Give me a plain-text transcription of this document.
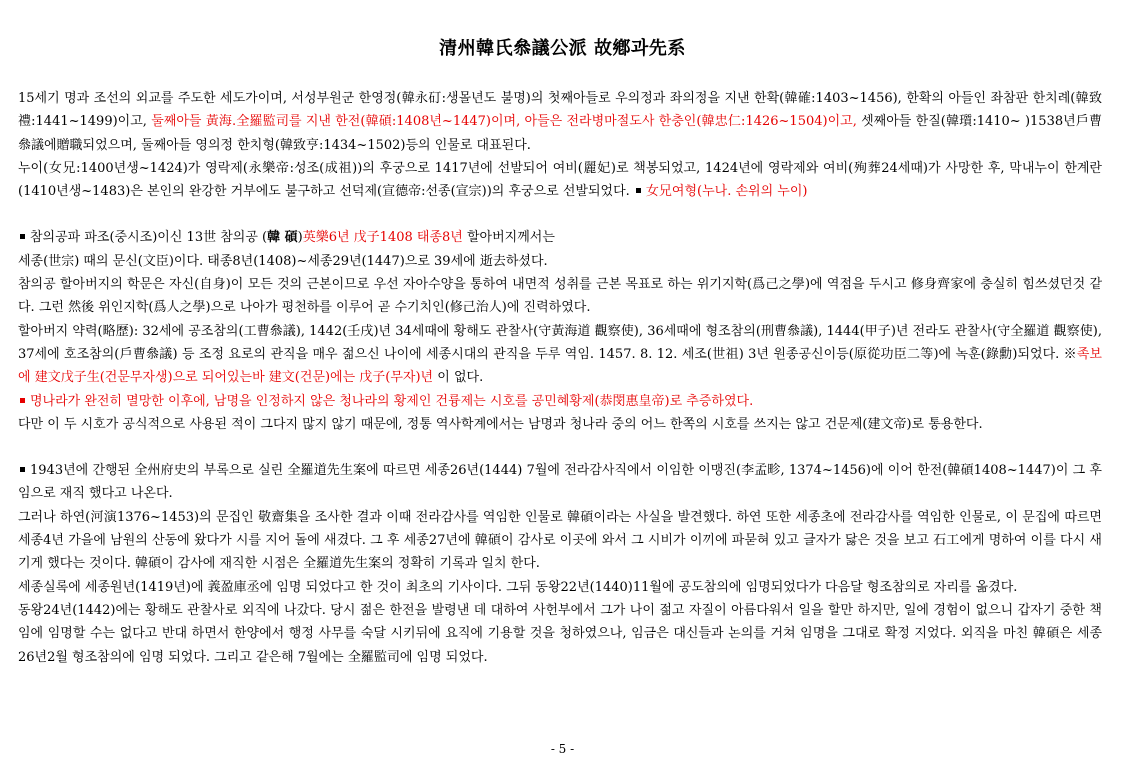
清州韓氏叅議公派 故鄕과先系

15세기 명과 조선의 외교를 주도한 세도가이며, 서성부원군 한영정(韓永矴:생몰년도 불명)의 첫째아들로 우의정과 좌의정을 지낸 한확(韓確:1403~1456), 한확의 아들인 좌참판 한치례(韓致禮:1441~1499)이고, 둘째아들 黃海.全羅監司를 지낸 한전(韓碩:1408년~1447)이며, 아들은 전라병마절도사 한충인(韓忠仁:1426~1504)이고, 셋째아들 한질(韓瓆:1410~ )1538년戶曹叅議에贈職되었으며, 둘째아들 영의정 한치형(韓致亨:1434~1502)등의 인물로 대표된다.

누이(女兄:1400년생~1424)가 영락제(永樂帝:성조(成祖))의 후궁으로 1417년에 선발되어 여비(麗妃)로 책봉되었고, 1424년에 영락제와 여비(殉葬24세때)가 사망한 후, 막내누이 한계란(1410년생~1483)은 본인의 완강한 거부에도 불구하고 선덕제(宣德帝:선종(宣宗))의 후궁으로 선발되었다. 女兄여형(누나. 손위의 누이)

참의공파 파조(중시조)이신 13世 참의공 (韓 碩)英樂6년 戊子1408 태종8년 할아버지께서는

세종(世宗) 때의 문신(文臣)이다. 태종8년(1408)~세종29년(1447)으로 39세에 逝去하셨다.

참의공 할아버지의 학문은 자신(自身)이 모든 것의 근본이므로 우선 자아수양을 통하여 내면적 성취를 근본 목표로 하는 위기지학(爲己之學)에 역점을 두시고 修身齊家에 충실히 힘쓰셨던것 같다. 그런 然後 위인지학(爲人之學)으로 나아가 평천하를 이루어 곧 수기치인(修己治人)에 진력하였다.

할아버지 약력(略歷): 32세에 공조참의(工曹叅議), 1442(壬戌)년 34세때에 황해도 관찰사(守黃海道 觀察使), 36세때에 형조참의(刑曹叅議), 1444(甲子)년 전라도 관찰사(守全羅道 觀察使), 37세에 호조참의(戶曹叅議) 등 조정 요로의 관직을 매우 젊으신 나이에 세종시대의 관직을 두루 역임. 1457. 8. 12. 세조(世祖) 3년 원종공신이등(原從功臣二等)에 녹훈(錄勳)되었다. ※족보에 建文戊子生(건문무자생)으로 되어있는바 建文(건문)에는 戊子(무자)년 이 없다.

명나라가 완전히 멸망한 이후에, 남명을 인정하지 않은 청나라의 황제인 건륭제는 시호를 공민혜황제(恭閔惠皇帝)로 추증하였다.

다만 이 두 시호가 공식적으로 사용된 적이 그다지 많지 않기 때문에, 정통 역사학계에서는 남명과 청나라 중의 어느 한쪽의 시호를 쓰지는 않고 건문제(建文帝)로 통용한다.

1943년에 간행된 全州府史의 부록으로 실린 全羅道先生案에 따르면 세종26년(1444) 7월에 전라감사직에서 이임한 이맹진(李孟畛, 1374~1456)에 이어 한전(韓碩1408~1447)이 그 후임으로 재직 했다고 나온다.

그러나 하연(河演1376~1453)의 문집인 敬齋集을 조사한 결과 이때 전라감사를 역임한 인물로 韓碩이라는 사실을 발견했다. 하연 또한 세종초에 전라감사를 역임한 인물로, 이 문집에 따르면 세종4년 가을에 남원의 산동에 왔다가 시를 지어 돌에 새겼다. 그 후 세종27년에 韓碩이 감사로 이곳에 와서 그 시비가 이끼에 파묻혀 있고 글자가 닳은 것을 보고 石工에게 명하여 이를 다시 새기게 했다는 것이다. 韓碩이 감사에 재직한 시점은 全羅道先生案의 정확히 기록과 일치 한다.

세종실록에 세종원년(1419년)에 義盈庫丞에 임명 되었다고 한 것이 최초의 기사이다. 그뒤 동왕22년(1440)11월에 공도참의에 임명되었다가 다음달 형조참의로 자리를 옮겼다.

동왕24년(1442)에는 황해도 관찰사로 외직에 나갔다. 당시 젊은 한전을 발령낸 데 대하여 사헌부에서 그가 나이 젊고 자질이 아름다워서 일을 할만 하지만, 일에 경험이 없으니 갑자기 중한 책임에 임명할 수는 없다고 반대 하면서 한양에서 행정 사무를 숙달 시키뒤에 요직에 기용할 것을 청하였으나, 임금은 대신들과 논의를 거쳐 임명을 그대로 확정 지었다. 외직을 마친 韓碩은 세종26년2월 형조참의에 임명 되었다. 그리고 같은해 7월에는 全羅監司에 임명 되었다.

- 5 -
